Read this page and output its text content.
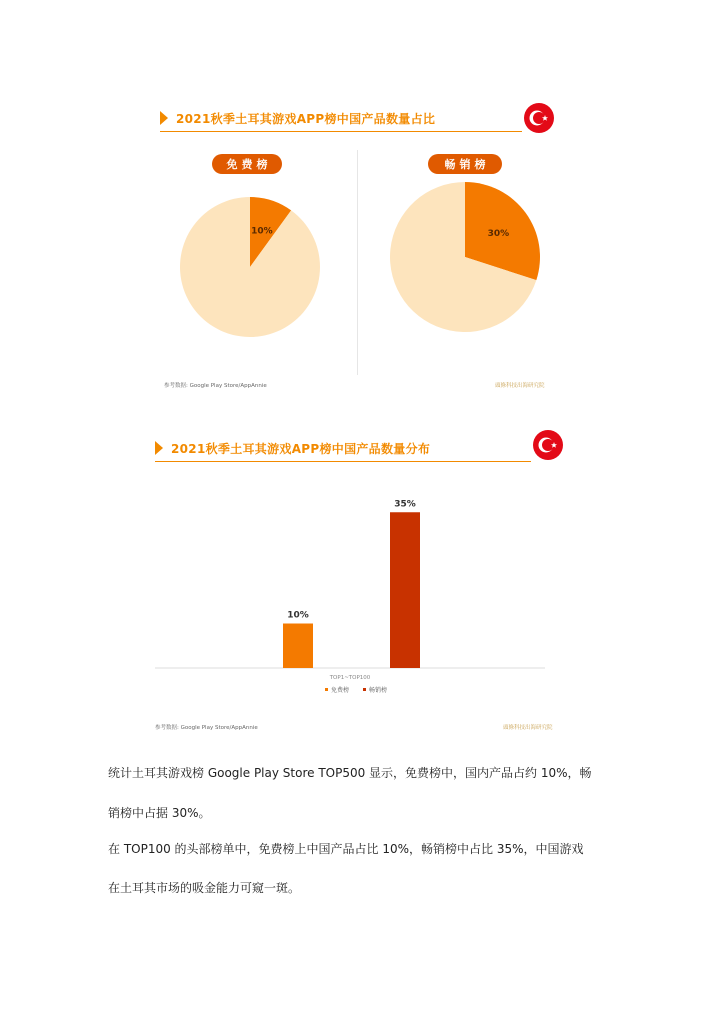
2021秋季土耳其游戏APP榜中国产品数量占比
免费榜	畅销榜
10%	30%
参考数据: Google Play Store/AppAnnie	頭條科技出海研究院
2021秋季土耳其游戏APP榜中国产品数量分布
10%
35%
TOP1~TOP100
免费榜	畅销榜
参考数据: Google Play Store/AppAnnie	頭條科技出海研究院
统计土耳其游戏榜 Google Play Store TOP500 显示，免费榜中，国内产品占约 10%，畅
销榜中占据 30%。
在 TOP100 的头部榜单中，免费榜上中国产品占比 10%，畅销榜中占比 35%，中国游戏
在土耳其市场的吸金能力可窥一斑。
